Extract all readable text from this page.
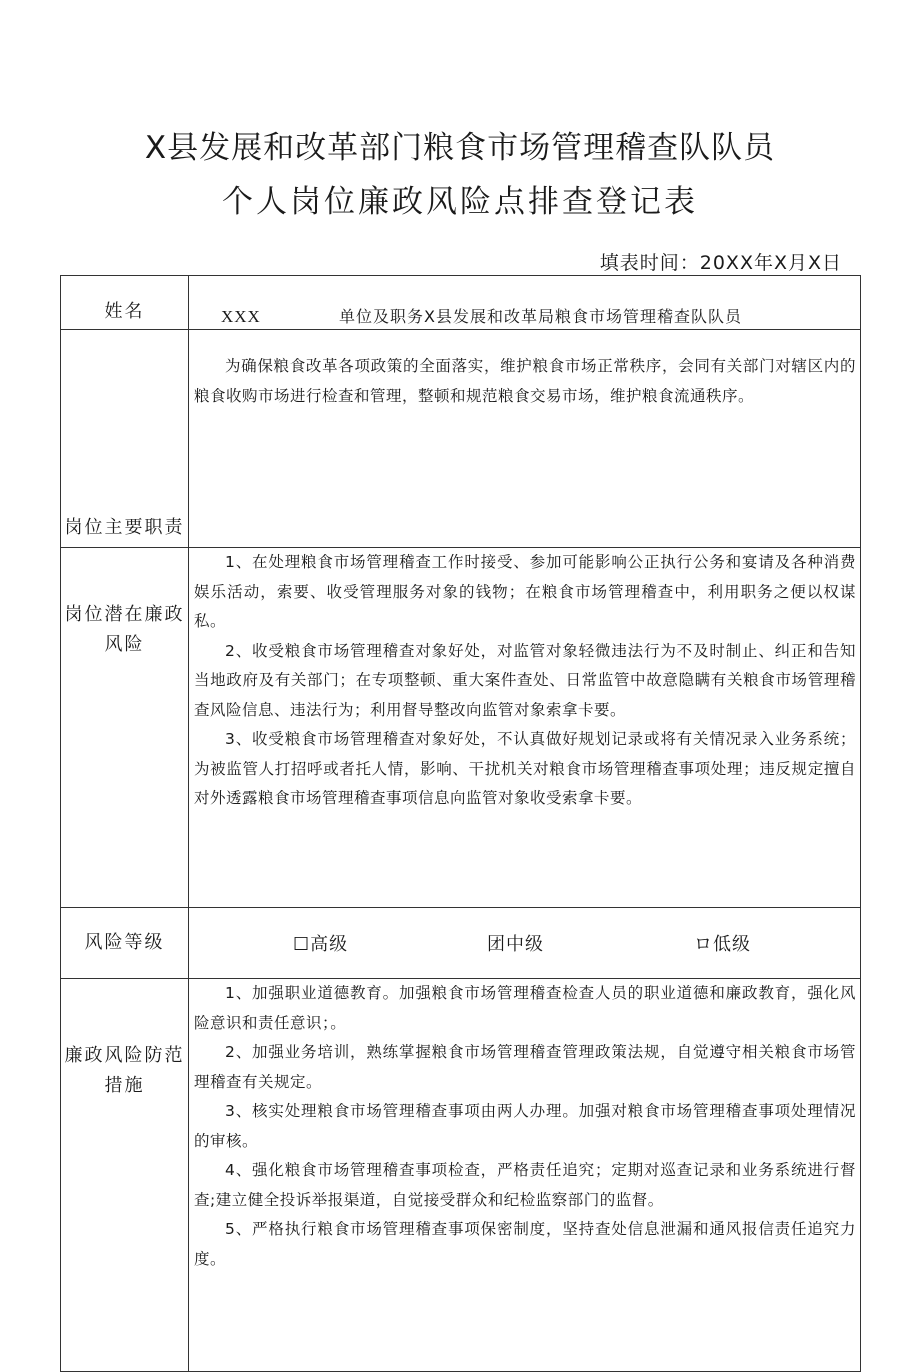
X县发展和改革部门粮食市场管理稽查队队员
个人岗位廉政风险点排查登记表
填表时间：20XX年X月X日
姓名	XXX 单位及职务X县发展和改革局粮食市场管理稽查队队员
岗位主要职责	为确保粮食改革各项政策的全面落实，维护粮食市场正常秩序，会同有关部门对辖区内的粮食收购市场进行检查和管理，整顿和规范粮食交易市场，维护粮食流通秩序。

岗位潜在廉政风险	1、在处理粮食市场管理稽查工作时接受、参加可能影响公正执行公务和宴请及各种消费娱乐活动，索要、收受管理服务对象的钱物；在粮食市场管理稽查中，利用职务之便以权谋私。

2、收受粮食市场管理稽查对象好处，对监管对象轻微违法行为不及时制止、纠正和告知当地政府及有关部门；在专项整顿、重大案件查处、日常监管中故意隐瞒有关粮食市场管理稽查风险信息、违法行为；利用督导整改向监管对象索拿卡要。

3、收受粮食市场管理稽查对象好处，不认真做好规划记录或将有关情况录入业务系统；为被监管人打招呼或者托人情，影响、干扰机关对粮食市场管理稽查事项处理；违反规定擅自对外透露粮食市场管理稽查事项信息向监管对象收受索拿卡要。

风险等级	☐高级 团中级 ロ低级

廉政风险防范措施	1、加强职业道德教育。加强粮食市场管理稽查检查人员的职业道德和廉政教育，强化风险意识和责任意识；。

2、加强业务培训，熟练掌握粮食市场管理稽查管理政策法规，自觉遵守相关粮食市场管理稽查有关规定。

3、核实处理粮食市场管理稽查事项由两人办理。加强对粮食市场管理稽查事项处理情况的审核。

4、强化粮食市场管理稽查事项检查，严格责任追究；定期对巡查记录和业务系统进行督查;建立健全投诉举报渠道，自觉接受群众和纪检监察部门的监督。

5、严格执行粮食市场管理稽查事项保密制度，坚持查处信息泄漏和通风报信责任追究力度。
